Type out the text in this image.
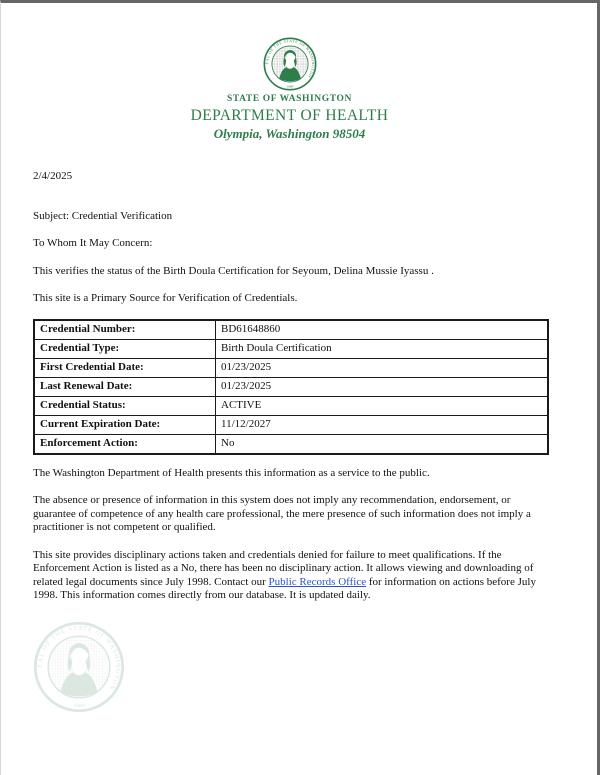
STATE OF WASHINGTON
DEPARTMENT OF HEALTH
Olympia, Washington 98504

2/4/2025

Subject: Credential Verification

To Whom It May Concern:

This verifies the status of the Birth Doula Certification for Seyoum, Delina Mussie Iyassu .

This site is a Primary Source for Verification of Credentials.

Credential Number:	BD61648860
Credential Type:	Birth Doula Certification
First Credential Date:	01/23/2025
Last Renewal Date:	01/23/2025
Credential Status:	ACTIVE
Current Expiration Date:	11/12/2027
Enforcement Action:	No

The Washington Department of Health presents this information as a service to the public.

The absence or presence of information in this system does not imply any recommendation, endorsement, or guarantee of competence of any health care professional, the mere presence of such information does not imply a practitioner is not competent or qualified.

This site provides disciplinary actions taken and credentials denied for failure to meet qualifications. If the Enforcement Action is listed as a No, there has been no disciplinary action. It allows viewing and downloading of related legal documents since July 1998. Contact our Public Records Office for information on actions before July 1998. This information comes directly from our database. It is updated daily.
